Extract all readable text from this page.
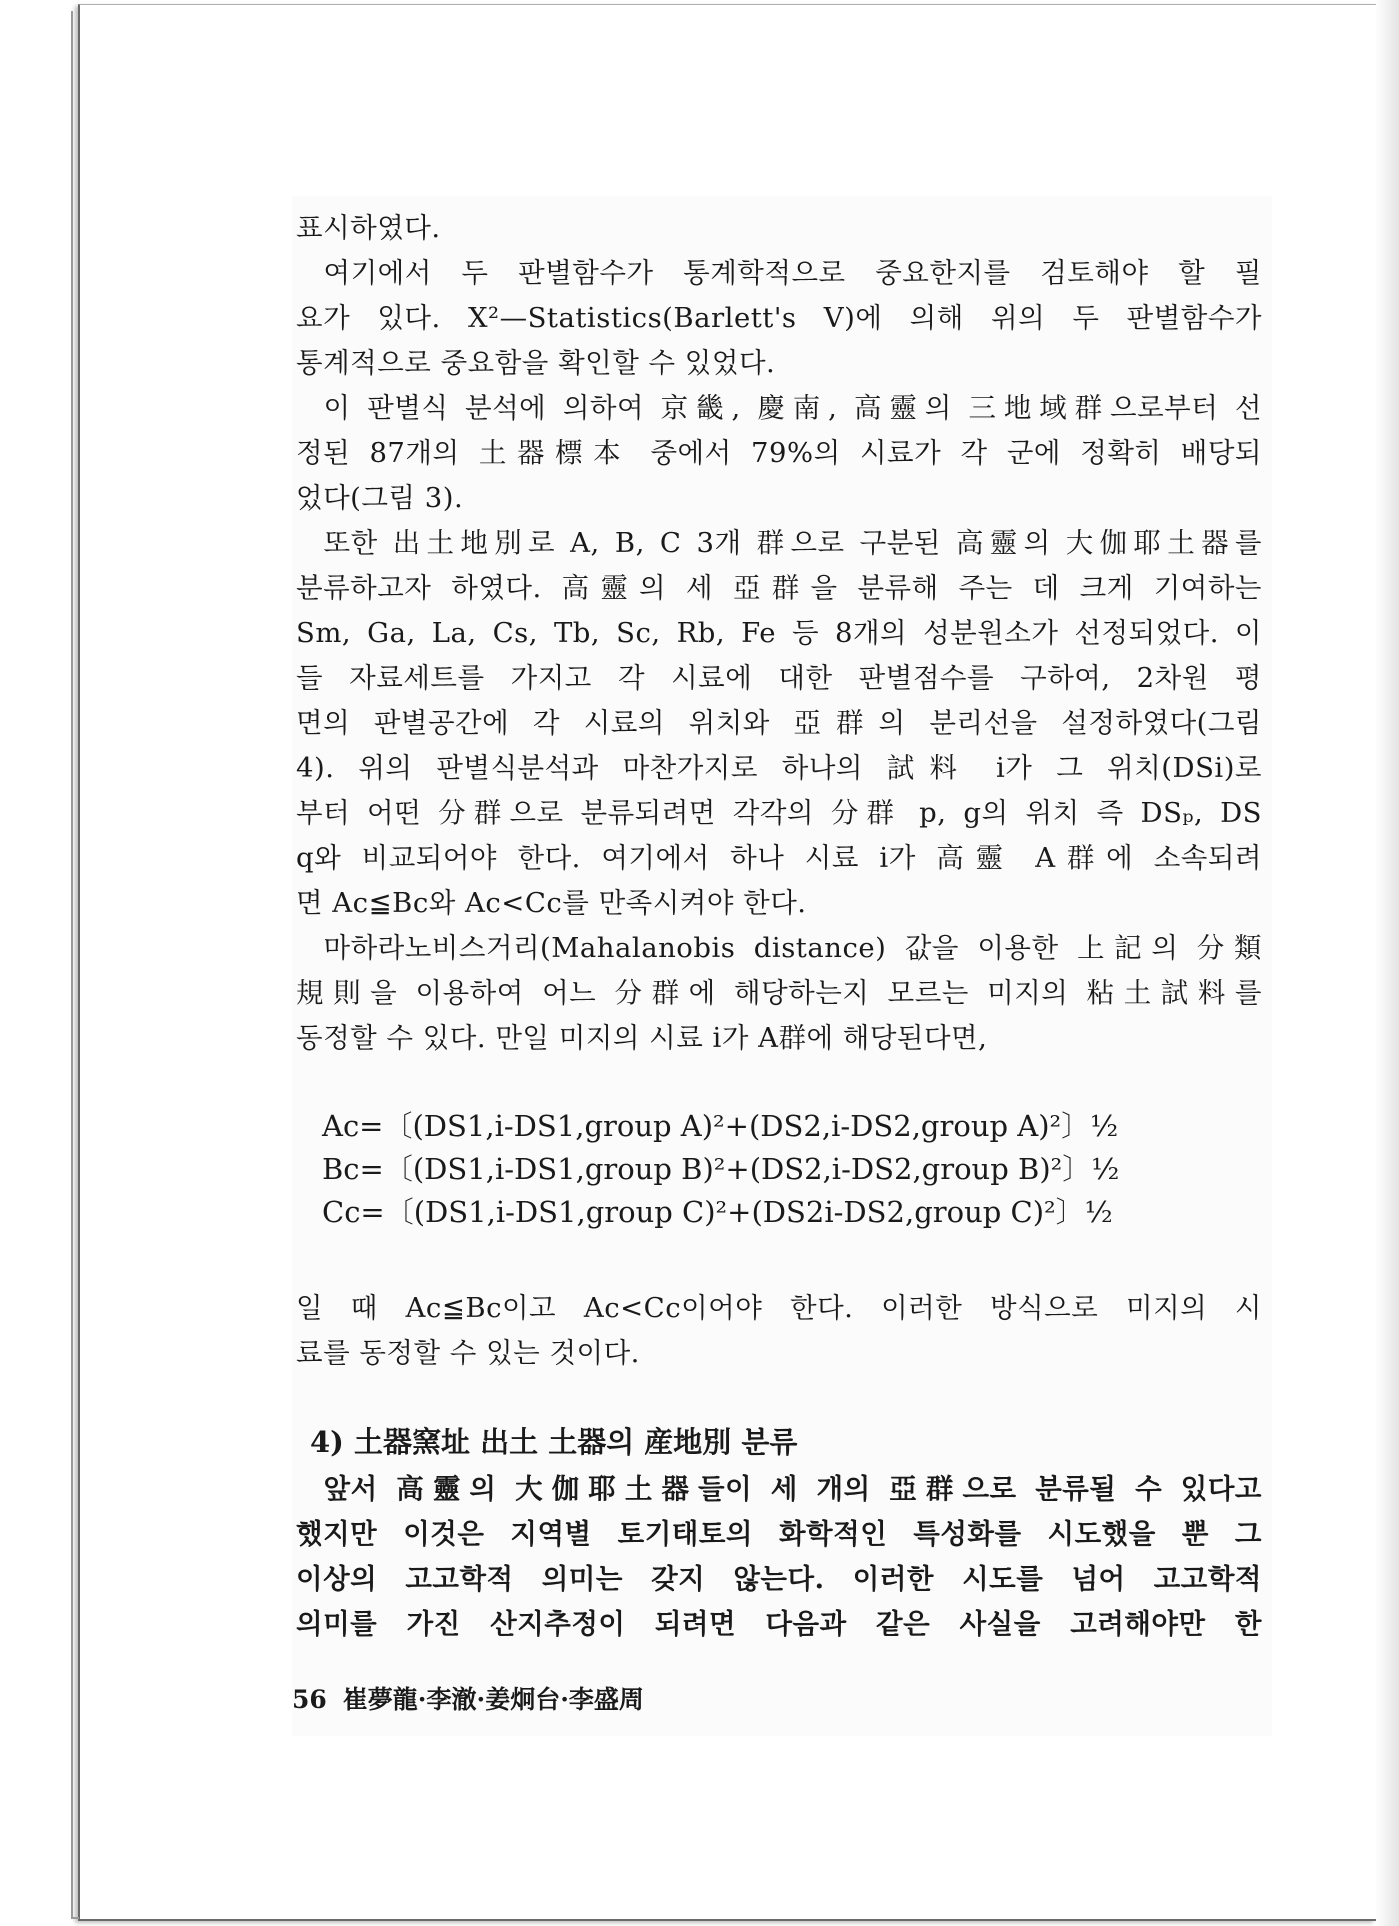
표시하였다.

여기에서 두 판별함수가 통계학적으로 중요한지를 검토해야 할 필

요가 있다. X²—Statistics(Barlett's V)에 의해 위의 두 판별함수가

통계적으로 중요함을 확인할 수 있었다.

이 판별식 분석에 의하여 京畿, 慶南, 高靈의 三地域群으로부터 선

정된 87개의 土器標本 중에서 79%의 시료가 각 군에 정확히 배당되

었다(그림 3).

또한 出土地別로 A, B, C 3개 群으로 구분된 高靈의 大伽耶土器를

분류하고자 하였다. 高靈의 세 亞群을 분류해 주는 데 크게 기여하는

Sm, Ga, La, Cs, Tb, Sc, Rb, Fe 등 8개의 성분원소가 선정되었다. 이

들 자료세트를 가지고 각 시료에 대한 판별점수를 구하여, 2차원 평

면의 판별공간에 각 시료의 위치와 亞群의 분리선을 설정하였다(그림

4). 위의 판별식분석과 마찬가지로 하나의 試料 i가 그 위치(DSi)로

부터 어떤 分群으로 분류되려면 각각의 分群 p, g의 위치 즉 DSₚ, DS

q와 비교되어야 한다. 여기에서 하나 시료 i가 高靈 A群에 소속되려

면 Ac≦Bc와 Ac<Cc를 만족시켜야 한다.

마하라노비스거리(Mahalanobis distance) 값을 이용한 上記의 分類

規則을 이용하여 어느 分群에 해당하는지 모르는 미지의 粘土試料를

동정할 수 있다. 만일 미지의 시료 i가 A群에 해당된다면,

Ac=〔(DS1,i-DS1,group A)²+(DS2,i-DS2,group A)²〕½
Bc=〔(DS1,i-DS1,group B)²+(DS2,i-DS2,group B)²〕½
Cc=〔(DS1,i-DS1,group C)²+(DS2i-DS2,group C)²〕½

일 때 Ac≦Bc이고 Ac<Cc이어야 한다. 이러한 방식으로 미지의 시

료를 동정할 수 있는 것이다.

4) 土器窯址 出土 土器의 産地別 분류

앞서 高靈의 大伽耶土器들이 세 개의 亞群으로 분류될 수 있다고

했지만 이것은 지역별 토기태토의 화학적인 특성화를 시도했을 뿐 그

이상의 고고학적 의미는 갖지 않는다. 이러한 시도를 넘어 고고학적

의미를 가진 산지추정이 되려면 다음과 같은 사실을 고려해야만 한

56 崔夢龍·李澈·姜炯台·李盛周
